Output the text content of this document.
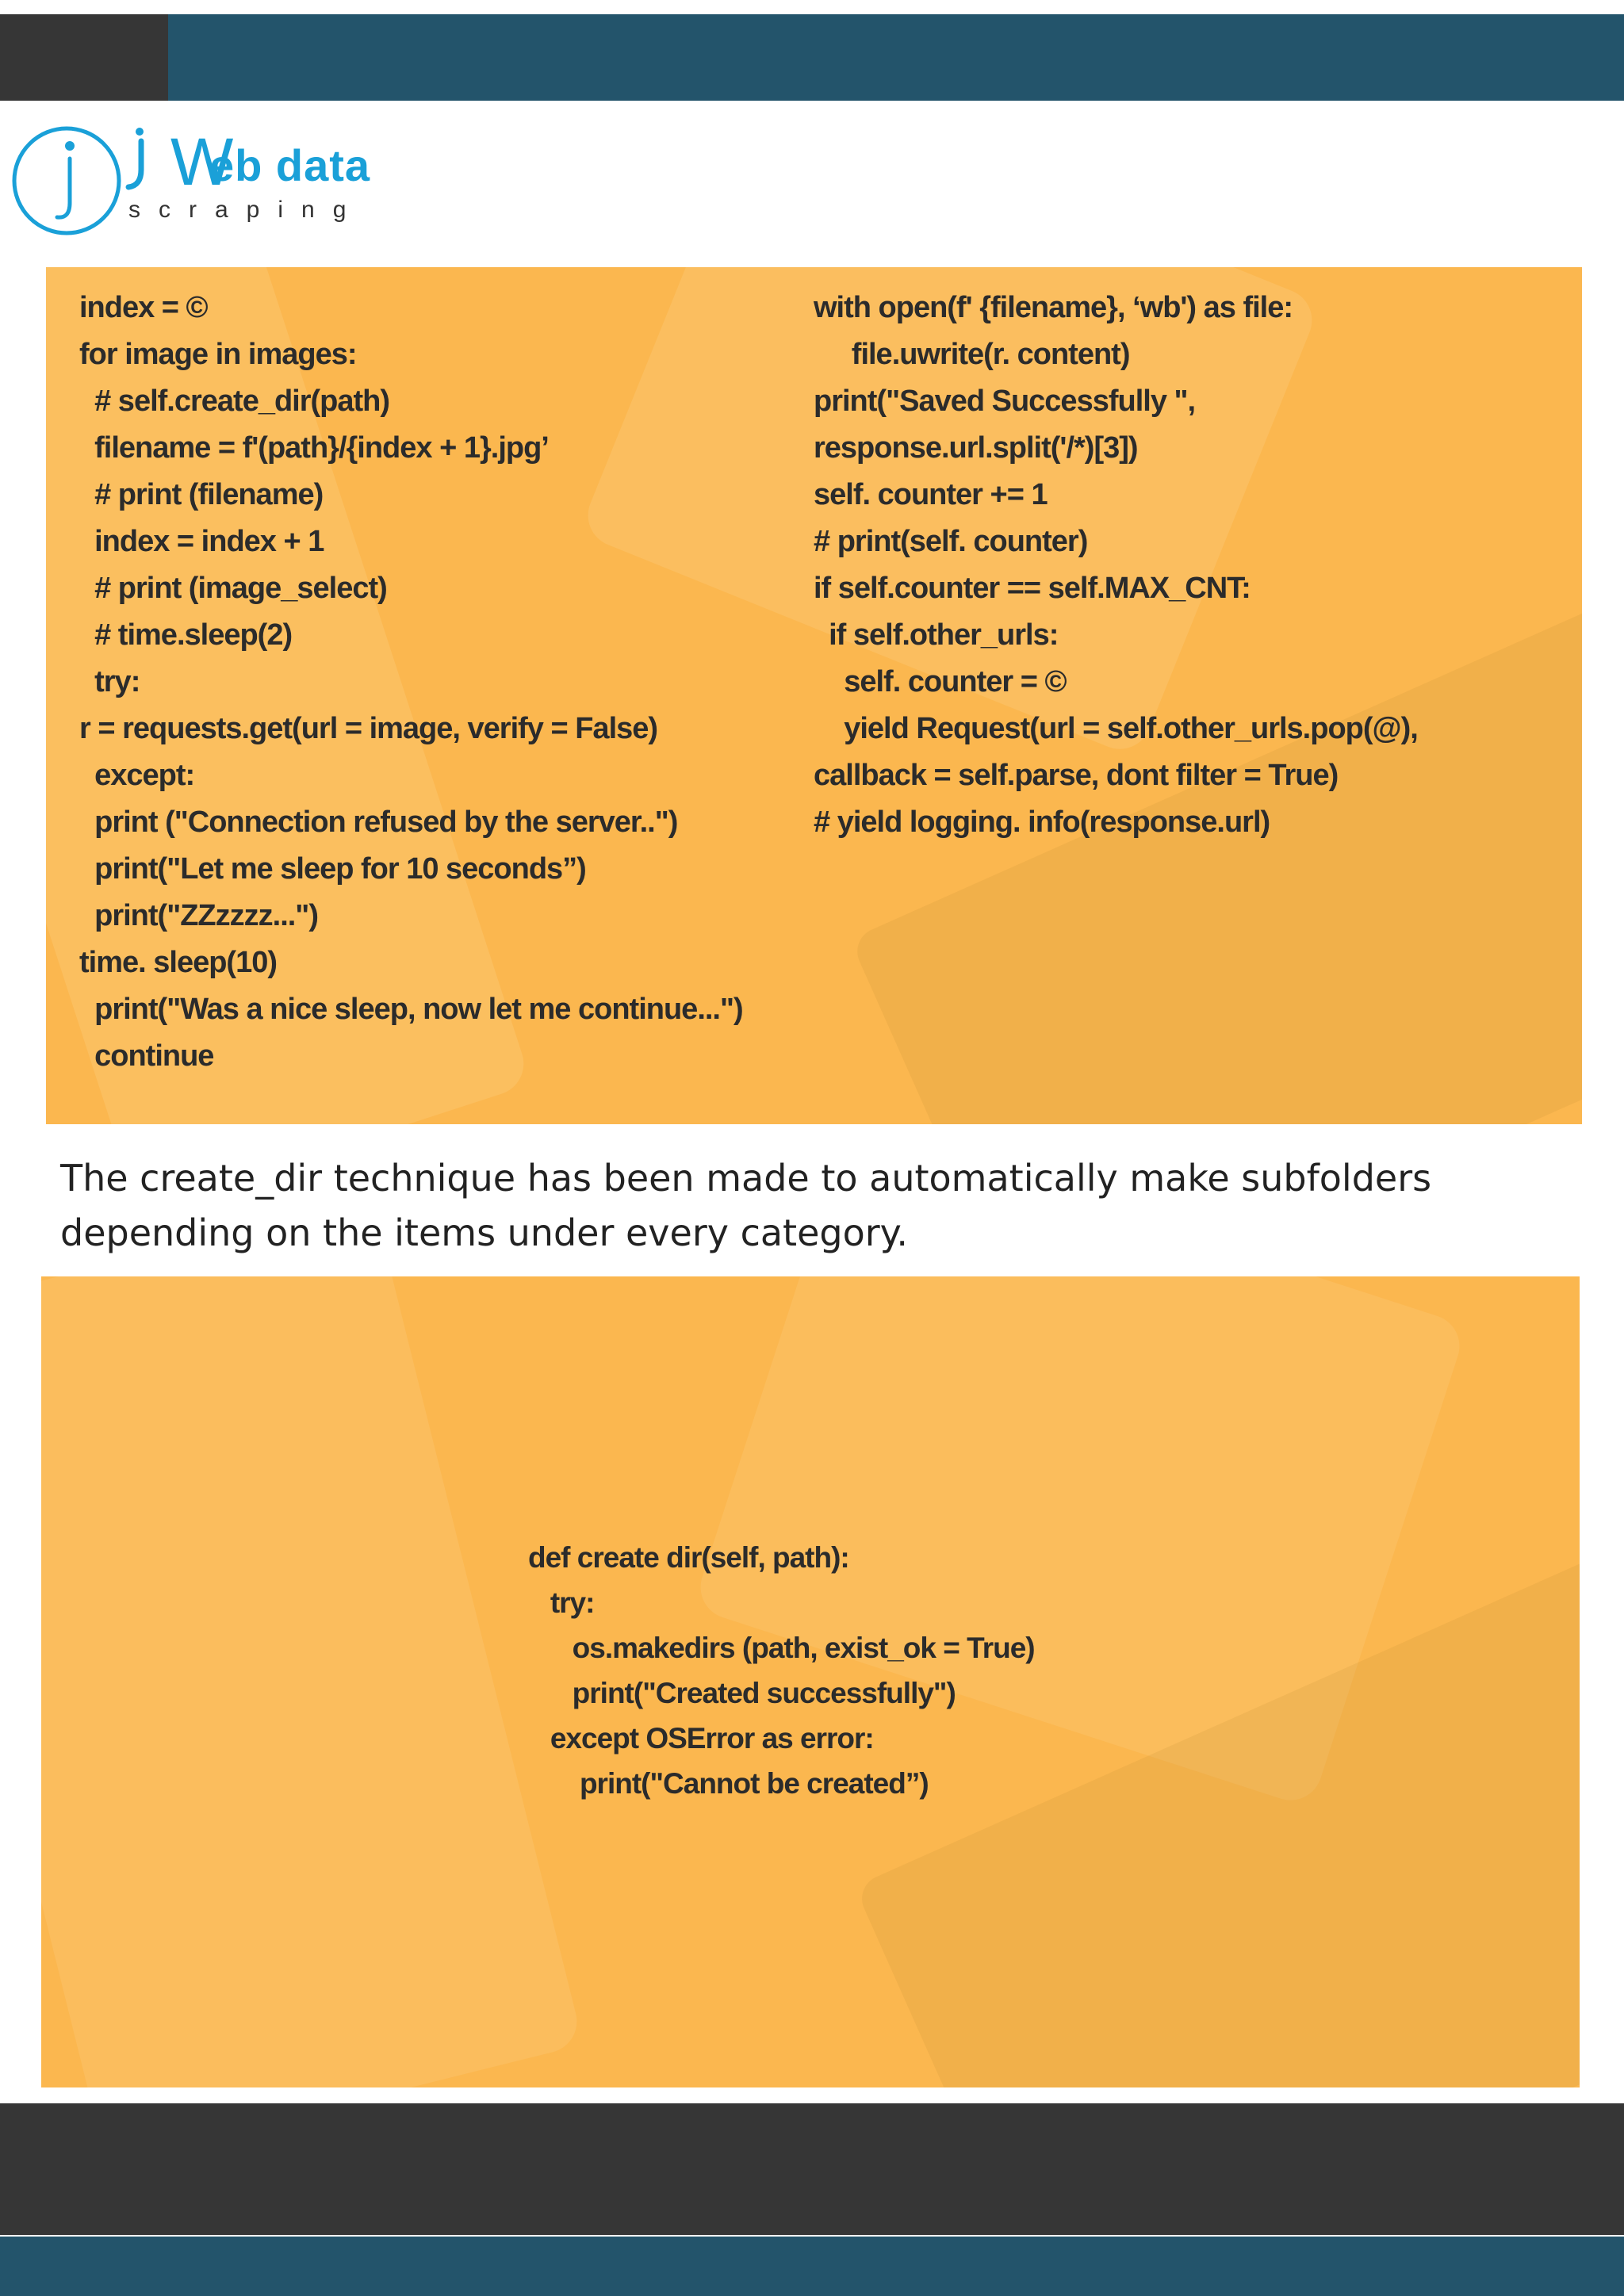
W
eb data
scraping
index = ©
for image in images:
# self.create_dir(path)
filename = f'(path}/{index + 1}.jpg’
# print (filename)
index = index + 1
# print (image_select)
# time.sleep(2)
try:
r = requests.get(url = image, verify = False)
except:
print ("Connection refused by the server..")
print("Let me sleep for 10 seconds”)
print("ZZzzzz...")
time. sleep(10)
print("Was a nice sleep, now let me continue...")
continue
with open(f' {filename}, ‘wb') as file:
file.uwrite(r. content)
print("Saved Successfully ",
response.url.split('/*)[3])
self. counter += 1
# print(self. counter)
if self.counter == self.MAX_CNT:
if self.other_urls:
self. counter = ©
yield Request(url = self.other_urls.pop(@),
callback = self.parse, dont filter = True)
# yield logging. info(response.url)

The create_dir technique has been made to automatically make subfolders
depending on the items under every category.

def create dir(self, path):
try:
os.makedirs (path, exist_ok = True)
print("Created successfully")
except OSError as error:
print("Cannot be created”)
